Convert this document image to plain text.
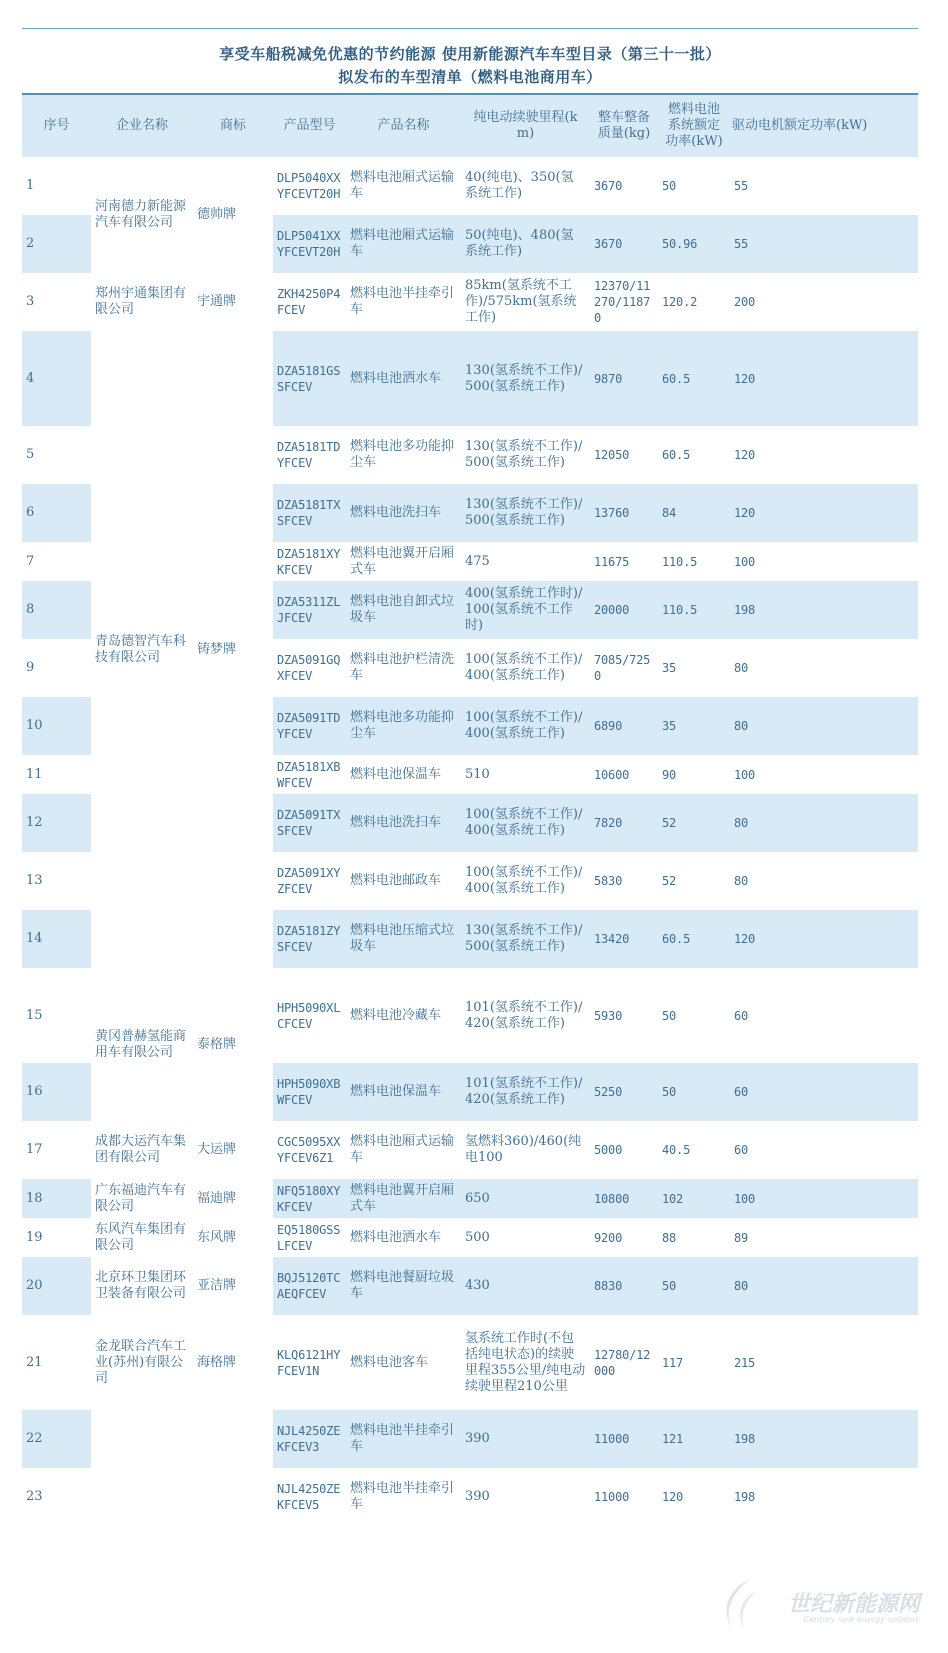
享受车船税减免优惠的节约能源 使用新能源汽车车型目录（第三十一批）
拟发布的车型清单（燃料电池商用车）
序号	企业名称	商标	产品型号	产品名称	纯电动续驶里程(km)	整车整备质量(kg)	燃料电池系统额定功率(kW)	驱动电机额定功率(kW)
1	河南德力新能源汽车有限公司	德帅牌	DLP5040XXYFCEVT20H	燃料电池厢式运输车	40(纯电)、350(氢系统工作)	3670	50	55
2			DLP5041XXYFCEVT20H	燃料电池厢式运输车	50(纯电)、480(氢系统工作)	3670	50.96	55
3	郑州宇通集团有限公司	宇通牌	ZKH4250P4FCEV	燃料电池半挂牵引车	85km(氢系统不工作)/575km(氢系统工作)	12370/11270/11870	120.2	200
4	青岛德智汽车科技有限公司	铸梦牌	DZA5181GSSFCEV	燃料电池洒水车	130(氢系统不工作)/500(氢系统工作)	9870	60.5	120
5			DZA5181TDYFCEV	燃料电池多功能抑尘车	130(氢系统不工作)/500(氢系统工作)	12050	60.5	120
6			DZA5181TXSFCEV	燃料电池洗扫车	130(氢系统不工作)/500(氢系统工作)	13760	84	120
7			DZA5181XYKFCEV	燃料电池翼开启厢式车	475	11675	110.5	100
8			DZA5311ZLJFCEV	燃料电池自卸式垃圾车	400(氢系统工作时)/100(氢系统不工作时)	20000	110.5	198
9			DZA5091GQXFCEV	燃料电池护栏清洗车	100(氢系统不工作)/400(氢系统工作)	7085/7250	35	80
10			DZA5091TDYFCEV	燃料电池多功能抑尘车	100(氢系统不工作)/400(氢系统工作)	6890	35	80
11			DZA5181XBWFCEV	燃料电池保温车	510	10600	90	100
12			DZA5091TXSFCEV	燃料电池洗扫车	100(氢系统不工作)/400(氢系统工作)	7820	52	80
13			DZA5091XYZFCEV	燃料电池邮政车	100(氢系统不工作)/400(氢系统工作)	5830	52	80
14			DZA5181ZYSFCEV	燃料电池压缩式垃圾车	130(氢系统不工作)/500(氢系统工作)	13420	60.5	120
15	黄冈普赫氢能商用车有限公司	泰格牌	HPH5090XLCFCEV	燃料电池冷藏车	101(氢系统不工作)/420(氢系统工作)	5930	50	60
16			HPH5090XBWFCEV	燃料电池保温车	101(氢系统不工作)/420(氢系统工作)	5250	50	60
17	成都大运汽车集团有限公司	大运牌	CGC5095XXYFCEV6Z1	燃料电池厢式运输车	氢燃料360)/460(纯电100	5000	40.5	60
18	广东福迪汽车有限公司	福迪牌	NFQ5180XYKFCEV	燃料电池翼开启厢式车	650	10800	102	100
19	东风汽车集团有限公司	东风牌	EQ5180GSSLFCEV	燃料电池洒水车	500	9200	88	89
20	北京环卫集团环卫装备有限公司	亚洁牌	BQJ5120TCAEQFCEV	燃料电池餐厨垃圾车	430	8830	50	80
21	金龙联合汽车工业(苏州)有限公司	海格牌	KLQ6121HYFCEV1N	燃料电池客车	氢系统工作时(不包括纯电状态)的续驶里程355公里/纯电动续驶里程210公里	12780/12000	117	215
22			NJL4250ZEKFCEV3	燃料电池半挂牵引车	390	11000	121	198
23			NJL4250ZEKFCEV5	燃料电池半挂牵引车	390	11000	120	198
世纪新能源网
Century new energy network
